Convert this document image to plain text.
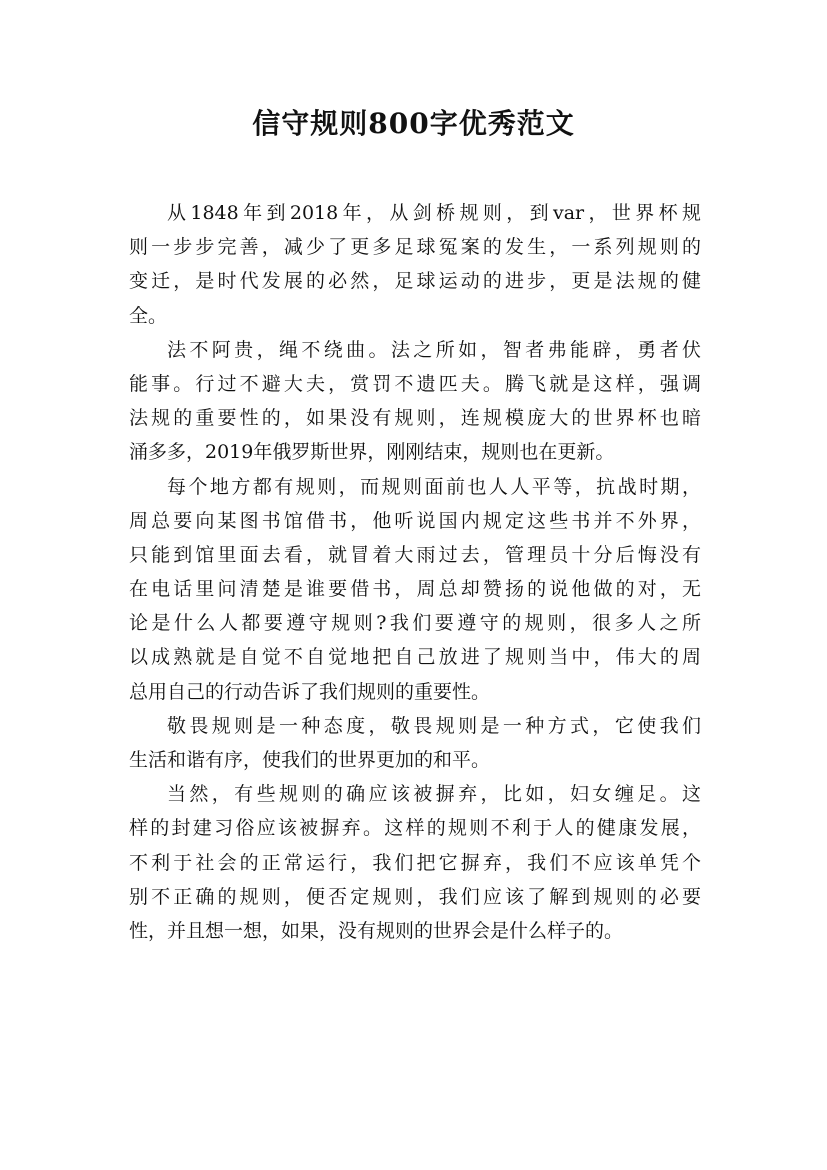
信守规则800字优秀范文
从1848年到2018年，从剑桥规则，到var，世界杯规
则一步步完善，减少了更多足球冤案的发生，一系列规则的
变迁，是时代发展的必然，足球运动的进步，更是法规的健
全。
法不阿贵，绳不绕曲。法之所如，智者弗能辟，勇者伏
能事。行过不避大夫，赏罚不遗匹夫。腾飞就是这样，强调
法规的重要性的，如果没有规则，连规模庞大的世界杯也暗
涌多多，2019年俄罗斯世界，刚刚结束，规则也在更新。
每个地方都有规则，而规则面前也人人平等，抗战时期，
周总要向某图书馆借书，他听说国内规定这些书并不外界，
只能到馆里面去看，就冒着大雨过去，管理员十分后悔没有
在电话里问清楚是谁要借书，周总却赞扬的说他做的对，无
论是什么人都要遵守规则?我们要遵守的规则，很多人之所
以成熟就是自觉不自觉地把自己放进了规则当中，伟大的周
总用自己的行动告诉了我们规则的重要性。
敬畏规则是一种态度，敬畏规则是一种方式，它使我们
生活和谐有序，使我们的世界更加的和平。
当然，有些规则的确应该被摒弃，比如，妇女缠足。这
样的封建习俗应该被摒弃。这样的规则不利于人的健康发展，
不利于社会的正常运行，我们把它摒弃，我们不应该单凭个
别不正确的规则，便否定规则，我们应该了解到规则的必要
性，并且想一想，如果，没有规则的世界会是什么样子的。
